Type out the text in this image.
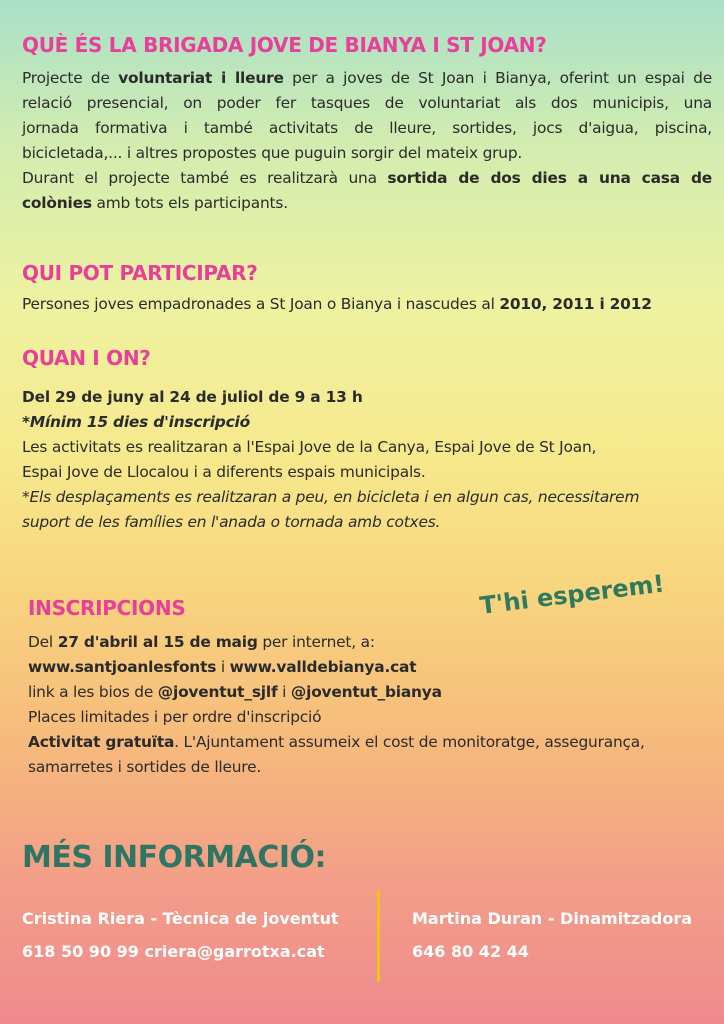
QUÈ ÉS LA BRIGADA JOVE DE BIANYA I ST JOAN?
Projecte de voluntariat i lleure per a joves de St Joan i Bianya, oferint un espai de
relació presencial, on poder fer tasques de voluntariat als dos municipis, una
jornada formativa i també activitats de lleure, sortides, jocs d'aigua, piscina,
bicicletada,... i altres propostes que puguin sorgir del mateix grup.
Durant el projecte també es realitzarà una sortida de dos dies a una casa de
colònies amb tots els participants.
QUI POT PARTICIPAR?
Persones joves empadronades a St Joan o Bianya i nascudes al 2010, 2011 i 2012
QUAN I ON?
Del 29 de juny al 24 de juliol de 9 a 13 h
*Mínim 15 dies d'inscripció
Les activitats es realitzaran a l'Espai Jove de la Canya, Espai Jove de St Joan,
Espai Jove de Llocalou i a diferents espais municipals.
*Els desplaçaments es realitzaran a peu, en bicicleta i en algun cas, necessitarem
suport de les famílies en l'anada o tornada amb cotxes.
INSCRIPCIONS
Del 27 d'abril al 15 de maig per internet, a:
www.santjoanlesfonts i www.valldebianya.cat
link a les bios de @joventut_sjlf i @joventut_bianya
Places limitades i per ordre d'inscripció
Activitat gratuïta. L'Ajuntament assumeix el cost de monitoratge, assegurança,
samarretes i sortides de lleure.
T'hi esperem!
MÉS INFORMACIÓ:
Cristina Riera - Tècnica de joventut
618 50 90 99 criera@garrotxa.cat
Martina Duran - Dinamitzadora
646 80 42 44
